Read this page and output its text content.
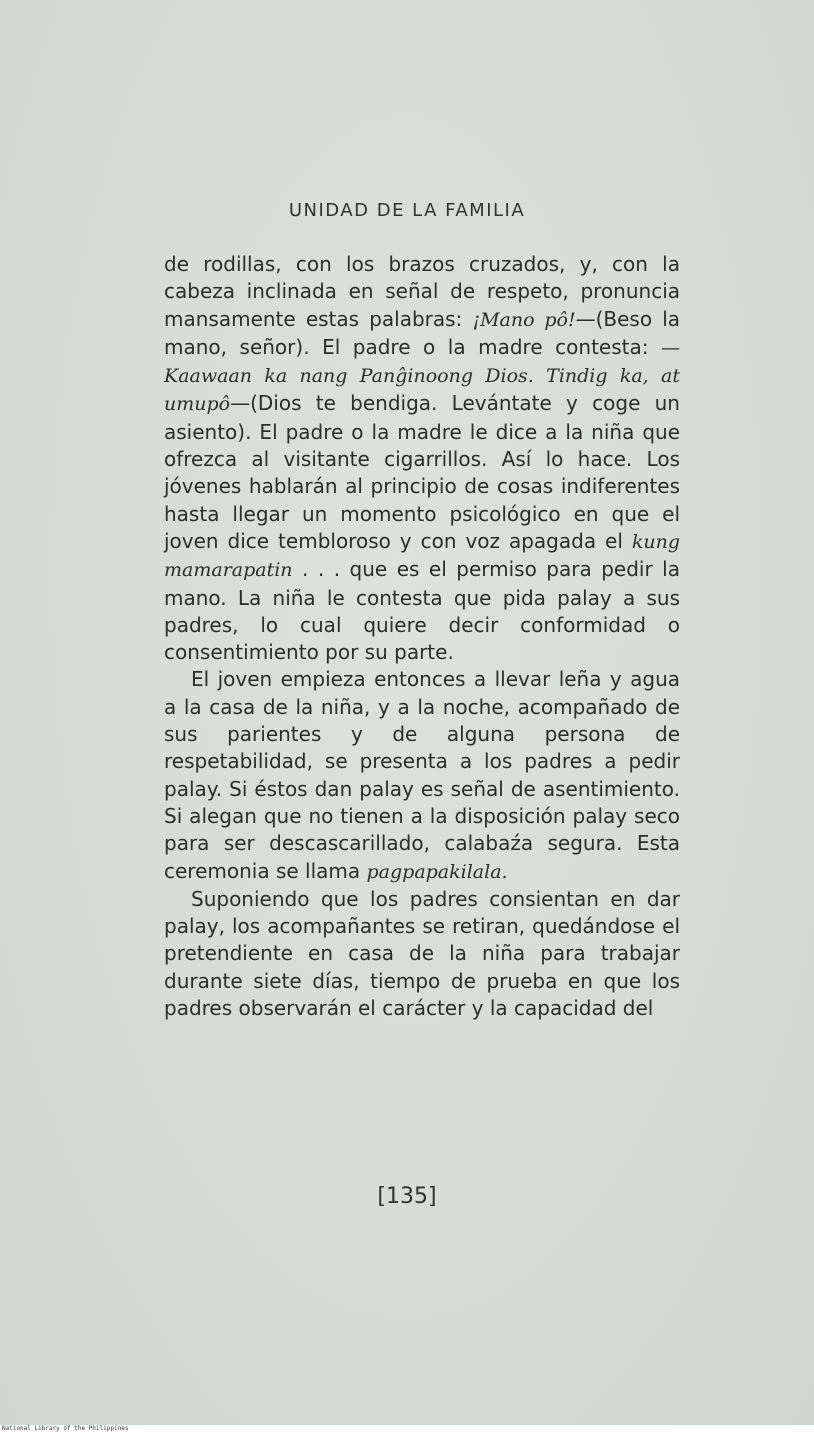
UNIDAD DE LA FAMILIA

de rodillas, con los brazos cruzados, y, con la cabeza inclinada en señal de respeto, pronuncia mansamente estas palabras: ¡Mano pô!—(Beso la mano, señor). El padre o la madre contesta: —Kaawaan ka nang Panĝinoong Dios. Tindig ka, at umupô—(Dios te bendiga. Levántate y coge un asiento). El padre o la madre le dice a la niña que ofrezca al visitante cigarrillos. Así lo hace. Los jóvenes hablarán al principio de cosas indiferentes hasta llegar un momento psicológico en que el joven dice tembloroso y con voz apagada el kung mamarapatin . . . que es el permiso para pedir la mano. La niña le contesta que pida palay a sus padres, lo cual quiere decir conformidad o consentimiento por su parte.

El joven empieza entonces a llevar leña y agua a la casa de la niña, y a la noche, acompañado de sus parientes y de alguna persona de respetabilidad, se presenta a los padres a pedir palay. Si éstos dan palay es señal de asentimiento. Si alegan que no tienen a la disposición palay seco para ser descascarillado, calabaźa segura. Esta ceremonia se llama pagpapakilala.

Suponiendo que los padres consientan en dar palay, los acompañantes se retiran, quedándose el pretendiente en casa de la niña para trabajar durante siete días, tiempo de prueba en que los padres observarán el carácter y la capacidad del

[135]
National Library of the Philippines
